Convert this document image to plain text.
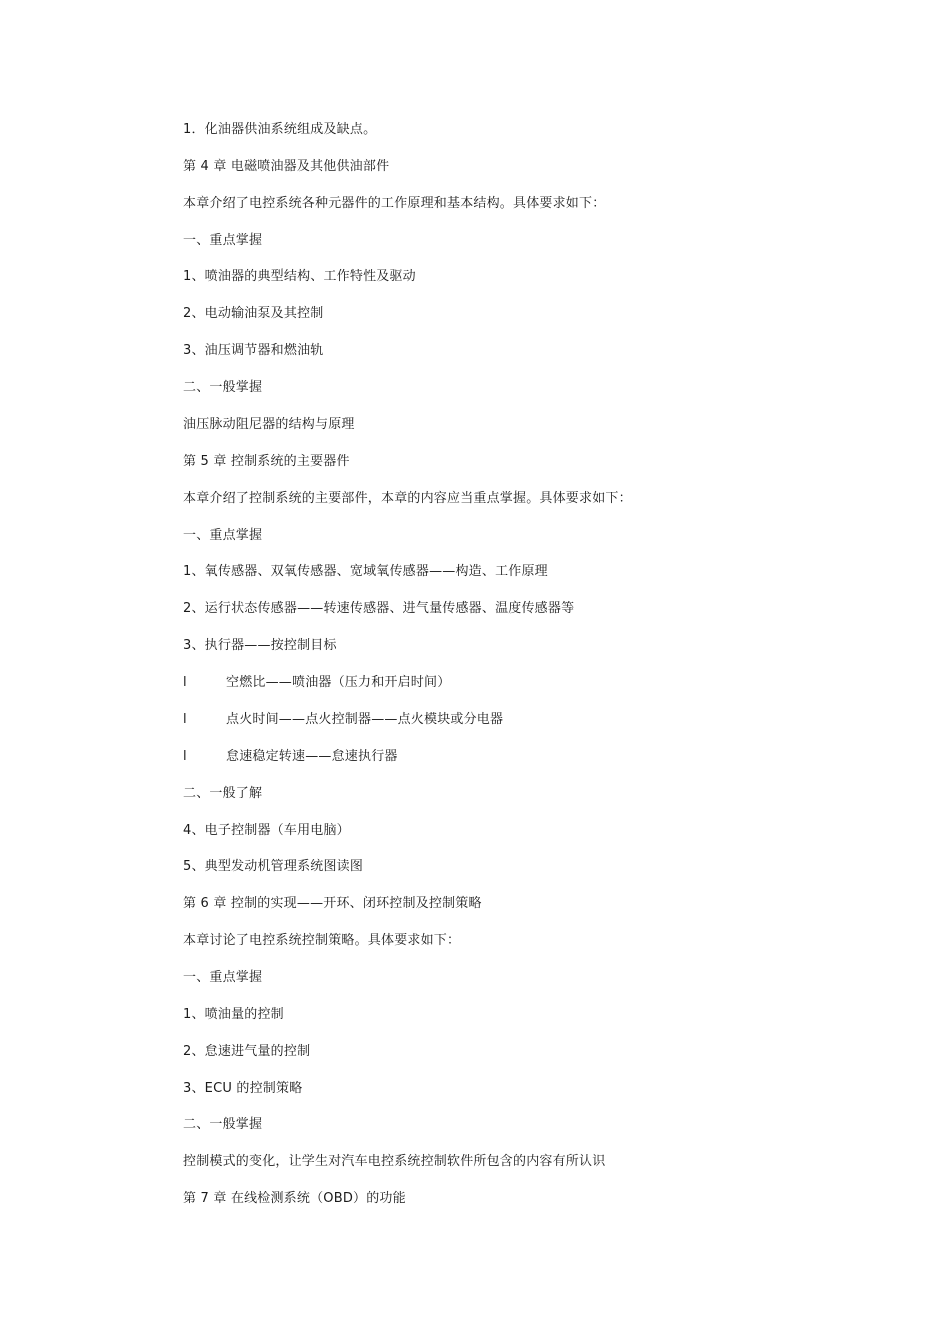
1．化油器供油系统组成及缺点。
第 4 章 电磁喷油器及其他供油部件
本章介绍了电控系统各种元器件的工作原理和基本结构。具体要求如下：
一、重点掌握
1、喷油器的典型结构、工作特性及驱动
2、电动输油泵及其控制
3、油压调节器和燃油轨
二、一般掌握
油压脉动阻尼器的结构与原理
第 5 章 控制系统的主要器件
本章介绍了控制系统的主要部件，本章的内容应当重点掌握。具体要求如下：
一、重点掌握
1、氧传感器、双氧传感器、宽域氧传感器——构造、工作原理
2、运行状态传感器——转速传感器、进气量传感器、温度传感器等
3、执行器——按控制目标
l	空燃比——喷油器（压力和开启时间）
l	点火时间——点火控制器——点火模块或分电器
l	怠速稳定转速——怠速执行器
二、一般了解
4、电子控制器（车用电脑）
5、典型发动机管理系统图读图
第 6 章 控制的实现——开环、闭环控制及控制策略
本章讨论了电控系统控制策略。具体要求如下：
一、重点掌握
1、喷油量的控制
2、怠速进气量的控制
3、ECU 的控制策略
二、一般掌握
控制模式的变化，让学生对汽车电控系统控制软件所包含的内容有所认识
第 7 章 在线检测系统（OBD）的功能
